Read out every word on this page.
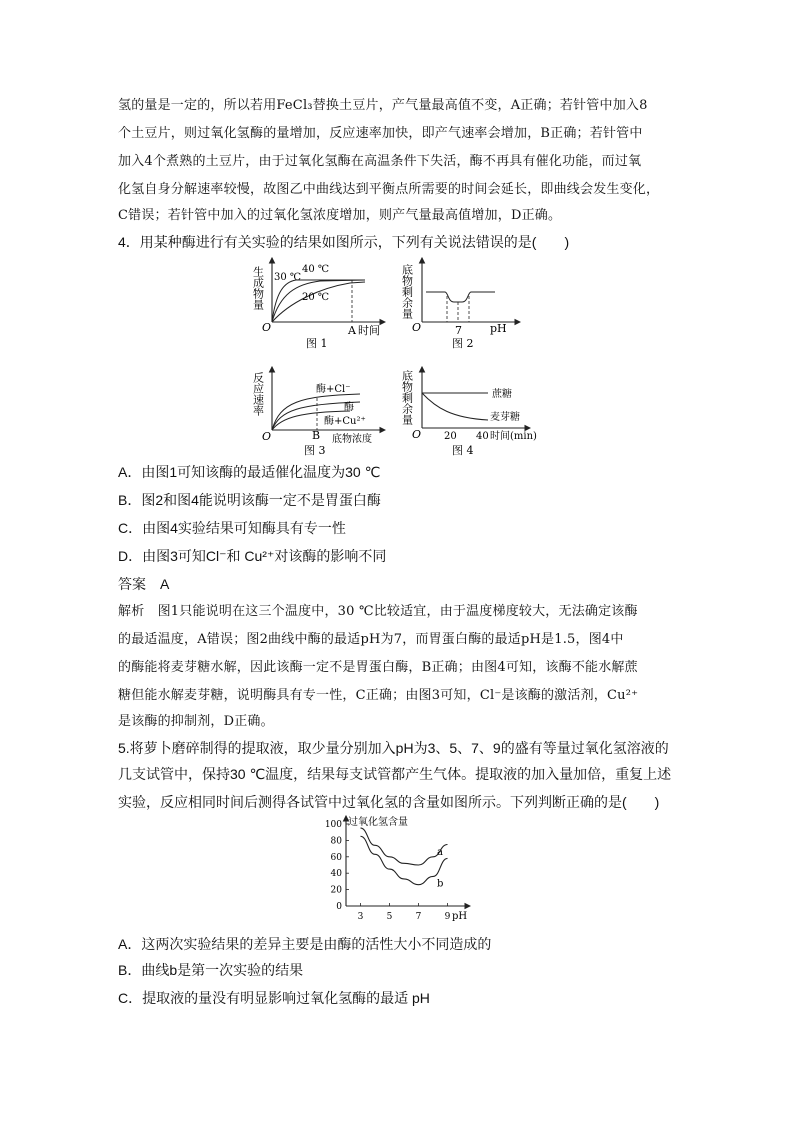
氢的量是一定的，所以若用FeCl₃替换土豆片，产气量最高值不变，A正确；若针管中加入8
个土豆片，则过氧化氢酶的量增加，反应速率加快，即产气速率会增加，B正确；若针管中
加入4个煮熟的土豆片，由于过氧化氢酶在高温条件下失活，酶不再具有催化功能，而过氧
化氢自身分解速率较慢，故图乙中曲线达到平衡点所需要的时间会延长，即曲线会发生变化，
C错误；若针管中加入的过氧化氢浓度增加，则产气量最高值增加，D正确。
4．用某种酶进行有关实验的结果如图所示，下列有关说法错误的是(　　)
生成物量
O	A 时间
30 ℃
40 ℃
20 ℃
图 1
底物剩余量
O	7	pH
图 2
反应速率
O
酶+Cl⁻
酶
酶+Cu²⁺
B 底物浓度
图 3
底物剩余量
O
蔗糖
麦芽糖
20 40 时间(min)
图 4
A．由图1可知该酶的最适催化温度为30 ℃
B．图2和图4能说明该酶一定不是胃蛋白酶
C．由图4实验结果可知酶具有专一性
D．由图3可知Cl⁻和 Cu²⁺对该酶的影响不同
答案　A
解析　图1只能说明在这三个温度中，30 ℃比较适宜，由于温度梯度较大，无法确定该酶
的最适温度，A错误；图2曲线中酶的最适pH为7，而胃蛋白酶的最适pH是1.5，图4中
的酶能将麦芽糖水解，因此该酶一定不是胃蛋白酶，B正确；由图4可知，该酶不能水解蔗
糖但能水解麦芽糖，说明酶具有专一性，C正确；由图3可知，Cl⁻是该酶的激活剂，Cu²⁺
是该酶的抑制剂，D正确。
5.将萝卜磨碎制得的提取液，取少量分别加入pH为3、5、7、9的盛有等量过氧化氢溶液的
几支试管中，保持30 ℃温度，结果每支试管都产生气体。提取液的加入量加倍，重复上述
实验，反应相同时间后测得各试管中过氧化氢的含量如图所示。下列判断正确的是(　　)
过氧化氢含量
pH
0
20
40
60
80
100
3	5	7	9
a
b
A．这两次实验结果的差异主要是由酶的活性大小不同造成的
B．曲线b是第一次实验的结果
C．提取液的量没有明显影响过氧化氢酶的最适 pH
